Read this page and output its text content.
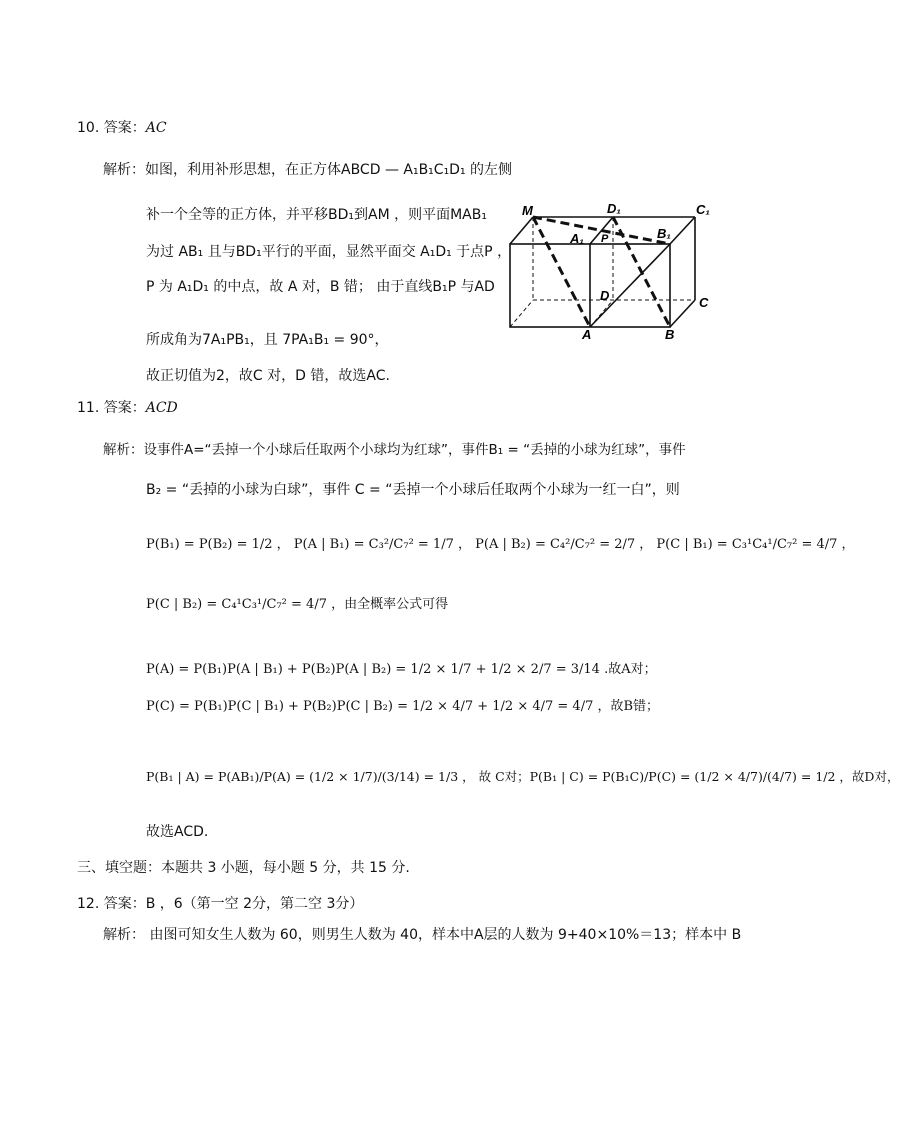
10. 答案：AC
解析：如图，利用补形思想，在正方体ABCD — A₁B₁C₁D₁ 的左侧
补一个全等的正方体，并平移BD₁到AM ，则平面MAB₁
为过 AB₁ 且与BD₁平行的平面，显然平面交 A₁D₁ 于点P ，
P 为 A₁D₁ 的中点，故 A 对，B 错； 由于直线B₁P 与AD
所成角为7A₁PB₁，且 7PA₁B₁ = 90°，
故正切值为2，故C 对，D 错，故选AC.
M	D₁	C₁
A₁ P	B₁
D	C
A	B
11. 答案：ACD
解析：设事件A=“丢掉一个小球后任取两个小球均为红球”，事件B₁ = “丢掉的小球为红球”，事件
B₂ = “丢掉的小球为白球”，事件 C = “丢掉一个小球后任取两个小球为一红一白”，则
P(B₁) = P(B₂) = 1/2 ， P(A | B₁) = C₃²/C₇² = 1/7 ， P(A | B₂) = C₄²/C₇² = 2/7 ， P(C | B₁) = C₃¹C₄¹/C₇² = 4/7 ，
P(C | B₂) = C₄¹C₃¹/C₇² = 4/7 ，由全概率公式可得
P(A) = P(B₁)P(A | B₁) + P(B₂)P(A | B₂) = 1/2 × 1/7 + 1/2 × 2/7 = 3/14 .故A对；
P(C) = P(B₁)P(C | B₁) + P(B₂)P(C | B₂) = 1/2 × 4/7 + 1/2 × 4/7 = 4/7 ，故B错；
P(B₁ | A) = P(AB₁)/P(A) = (1/2 × 1/7)/(3/14) = 1/3 ， 故 C对；P(B₁ | C) = P(B₁C)/P(C) = (1/2 × 4/7)/(4/7) = 1/2 ，故D对，
故选ACD.
三、填空题：本题共 3 小题，每小题 5 分，共 15 分.
12. 答案：B ，6（第一空 2分，第二空 3分）
解析： 由图可知女生人数为 60，则男生人数为 40，样本中A层的人数为 9+40×10%＝13；样本中 B
